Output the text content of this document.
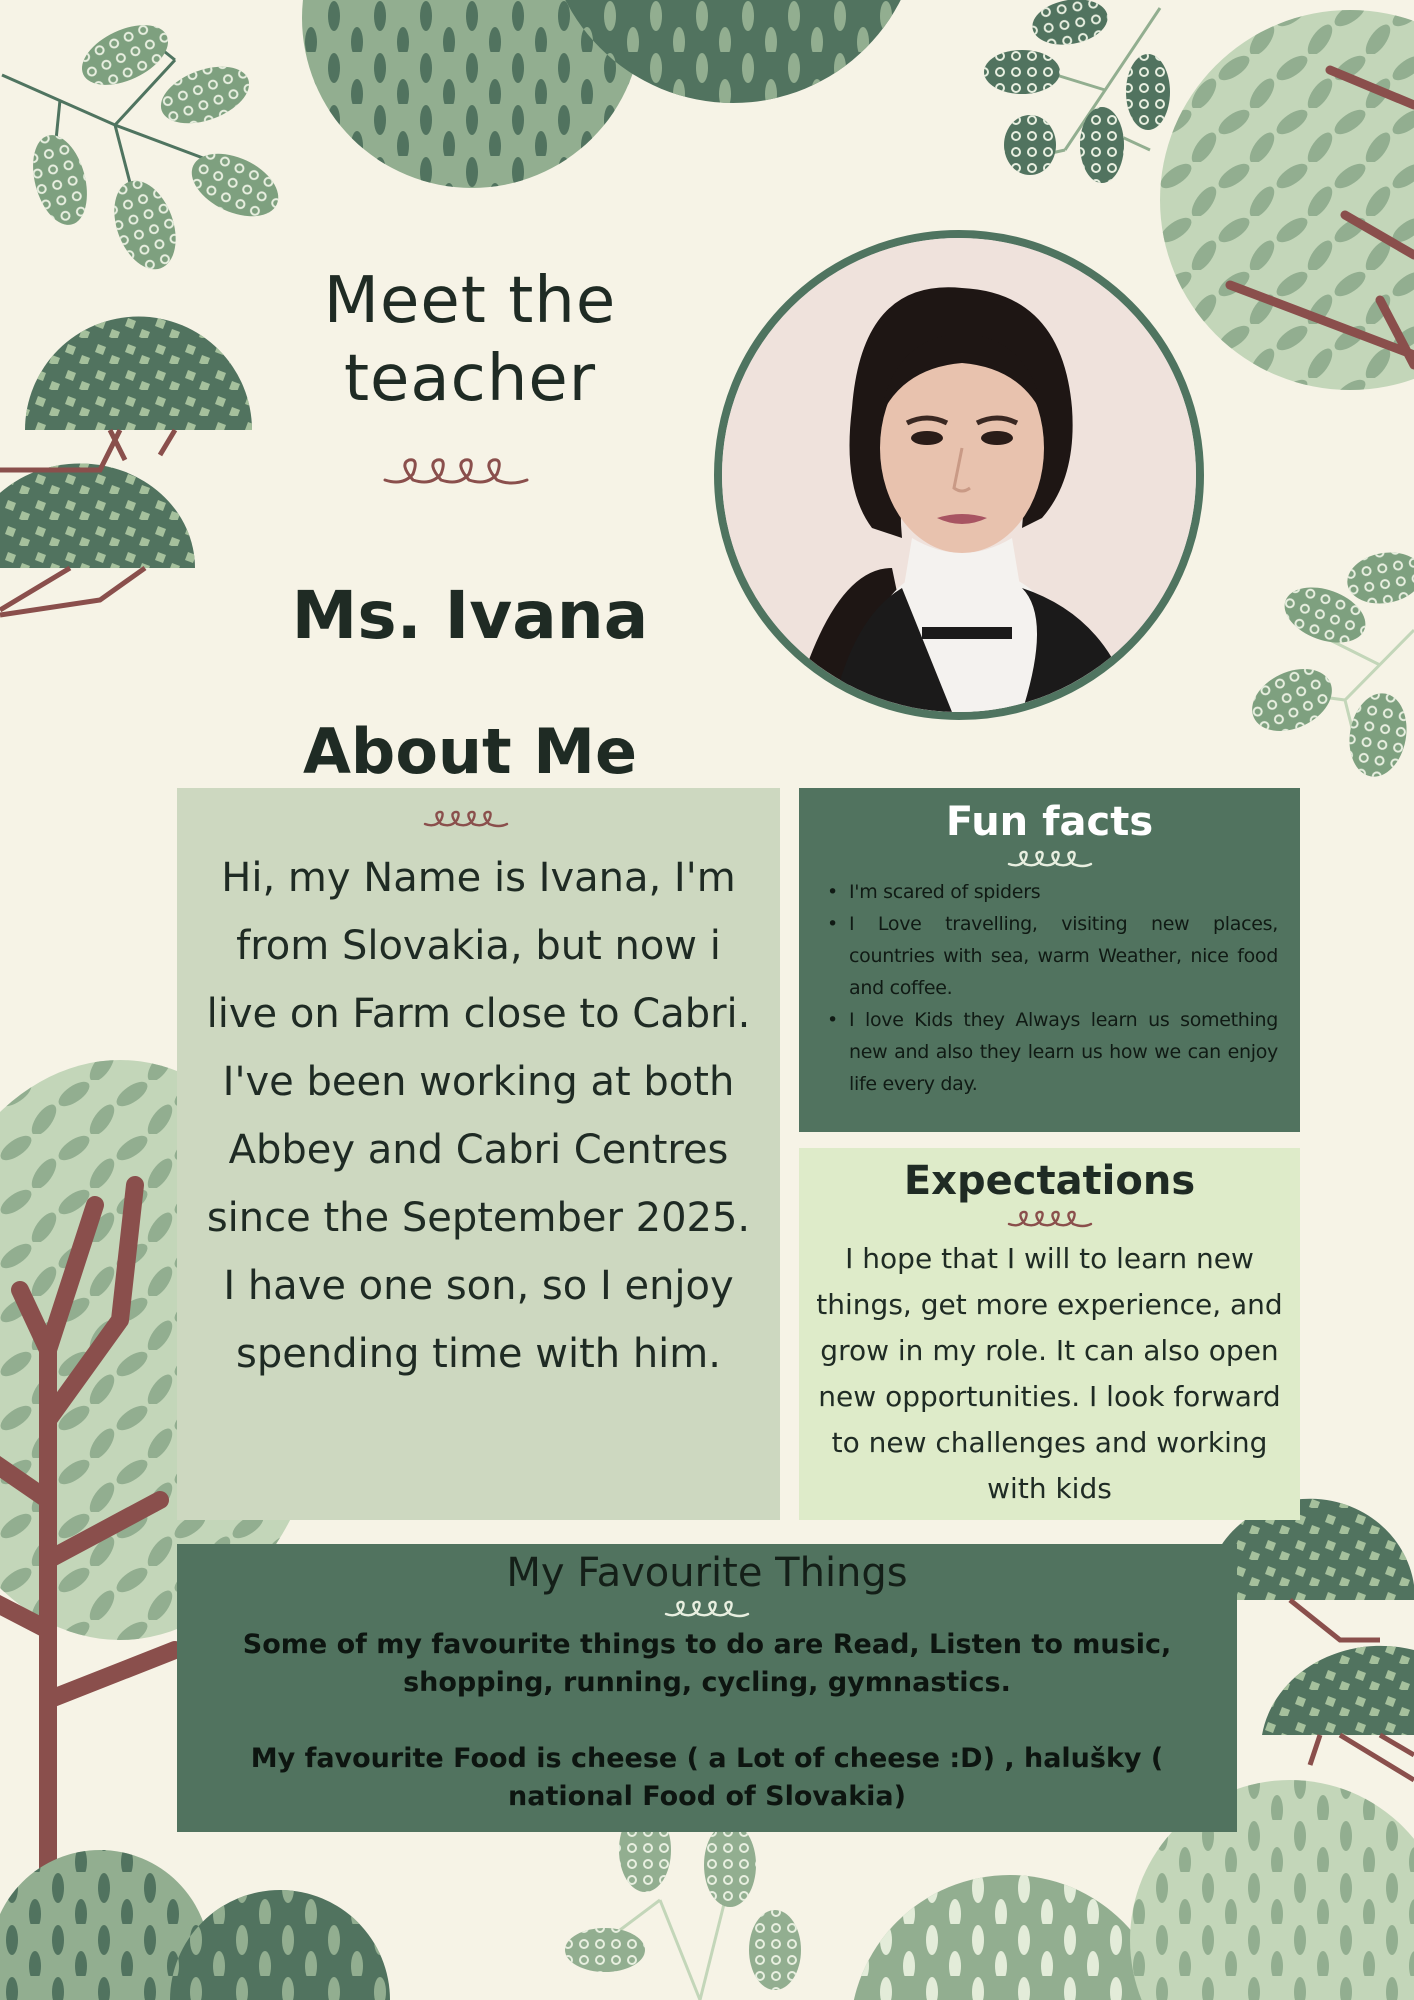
Meet the teacher
Ms. Ivana
About Me

Hi, my Name is Ivana, I'm from Slovakia, but now i live on Farm close to Cabri. I've been working at both Abbey and Cabri Centres since the September 2025.

I have one son, so I enjoy spending time with him.

Fun facts
• I'm scared of spiders
• I Love travelling, visiting new places, countries with sea, warm Weather, nice food and coffee.
• I love Kids they Always learn us something new and also they learn us how we can enjoy life every day.
Expectations

I hope that I will to learn new things, get more experience, and grow in my role. It can also open new opportunities. I look forward to new challenges and working with kids

My Favourite Things

Some of my favourite things to do are Read, Listen to music, shopping, running, cycling, gymnastics.

My favourite Food is cheese ( a Lot of cheese :D) , halušky ( national Food of Slovakia)
